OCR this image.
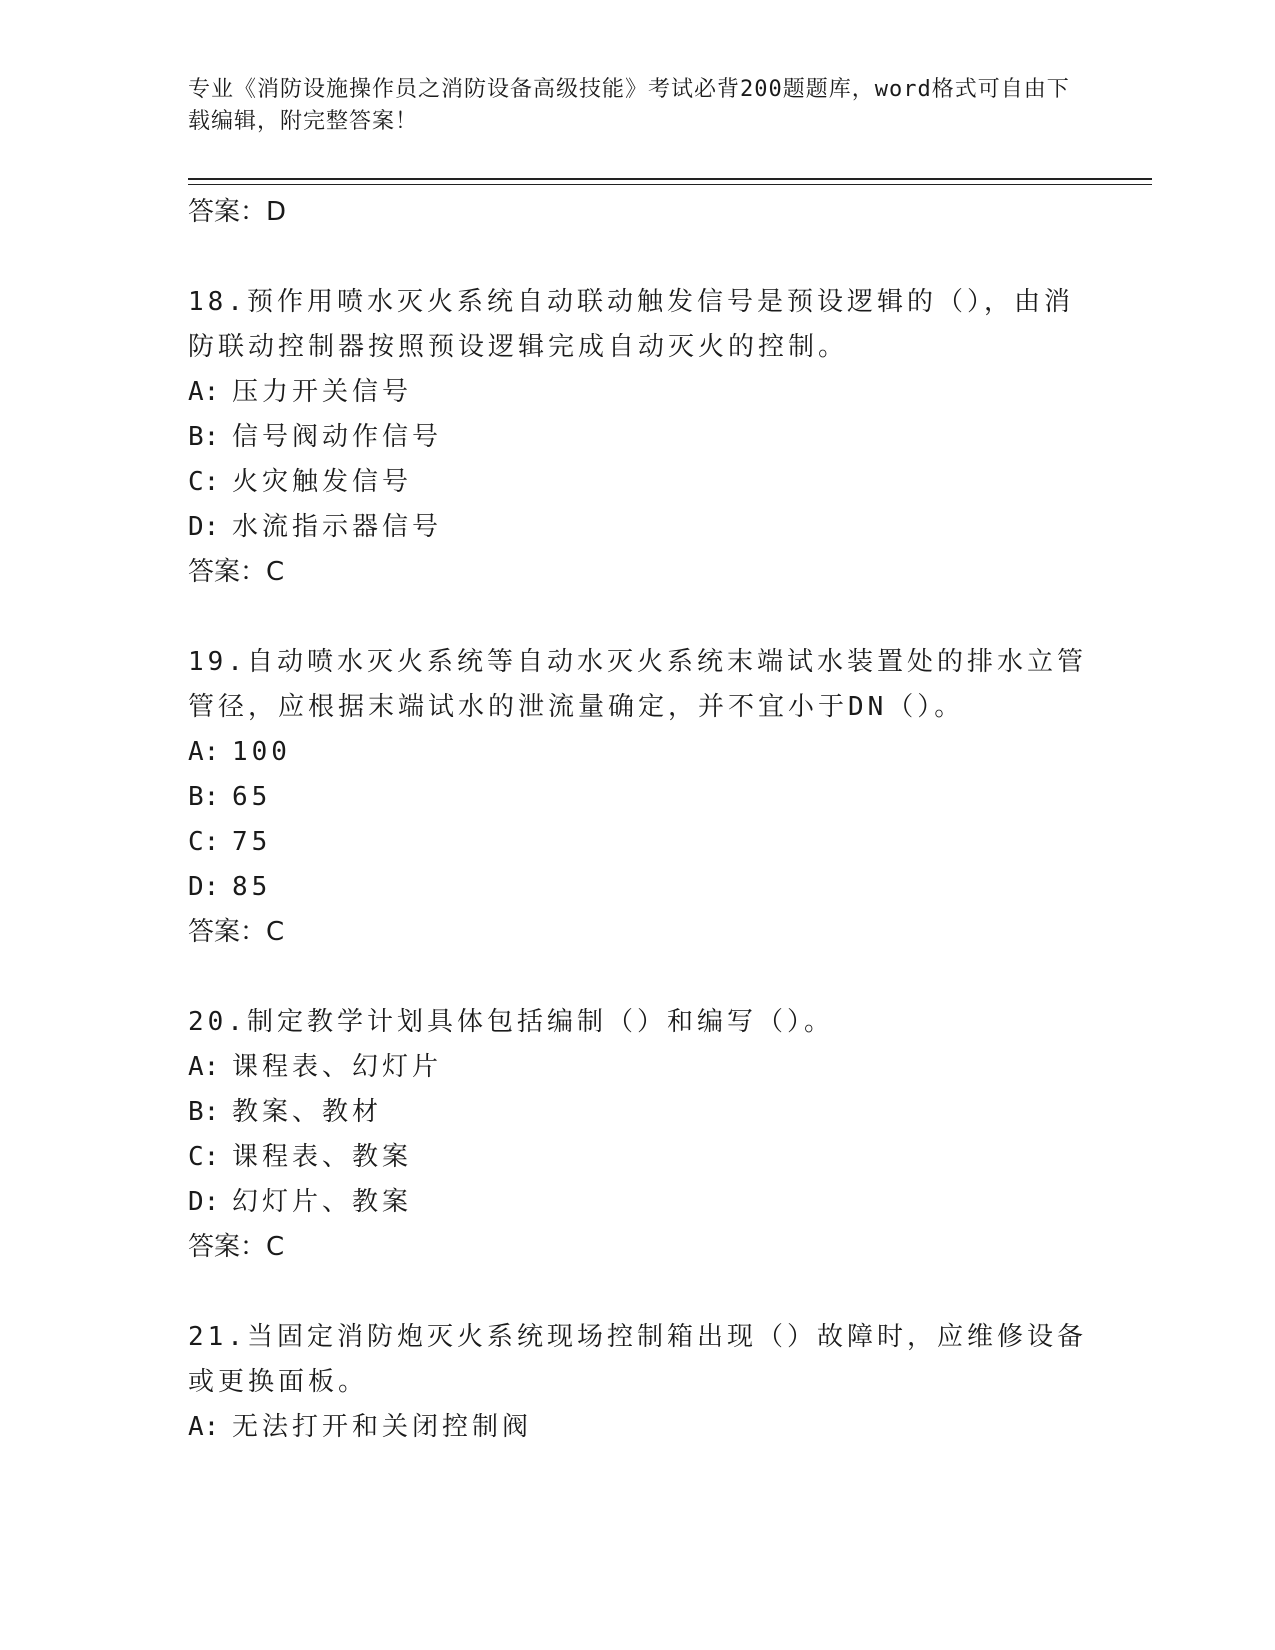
专业《消防设施操作员之消防设备高级技能》考试必背200题题库，word格式可自由下载编辑，附完整答案！
答案：D

18.预作用喷水灭火系统自动联动触发信号是预设逻辑的（），由消防联动控制器按照预设逻辑完成自动灭火的控制。

A: 压力开关信号
B: 信号阀动作信号
C: 火灾触发信号
D: 水流指示器信号
答案：C

19.自动喷水灭火系统等自动水灭火系统末端试水装置处的排水立管管径，应根据末端试水的泄流量确定，并不宜小于DN（）。

A: 100
B: 65
C: 75
D: 85
答案：C

20.制定教学计划具体包括编制（）和编写（）。

A: 课程表、幻灯片
B: 教案、教材
C: 课程表、教案
D: 幻灯片、教案
答案：C

21.当固定消防炮灭火系统现场控制箱出现（）故障时，应维修设备或更换面板。

A: 无法打开和关闭控制阀
